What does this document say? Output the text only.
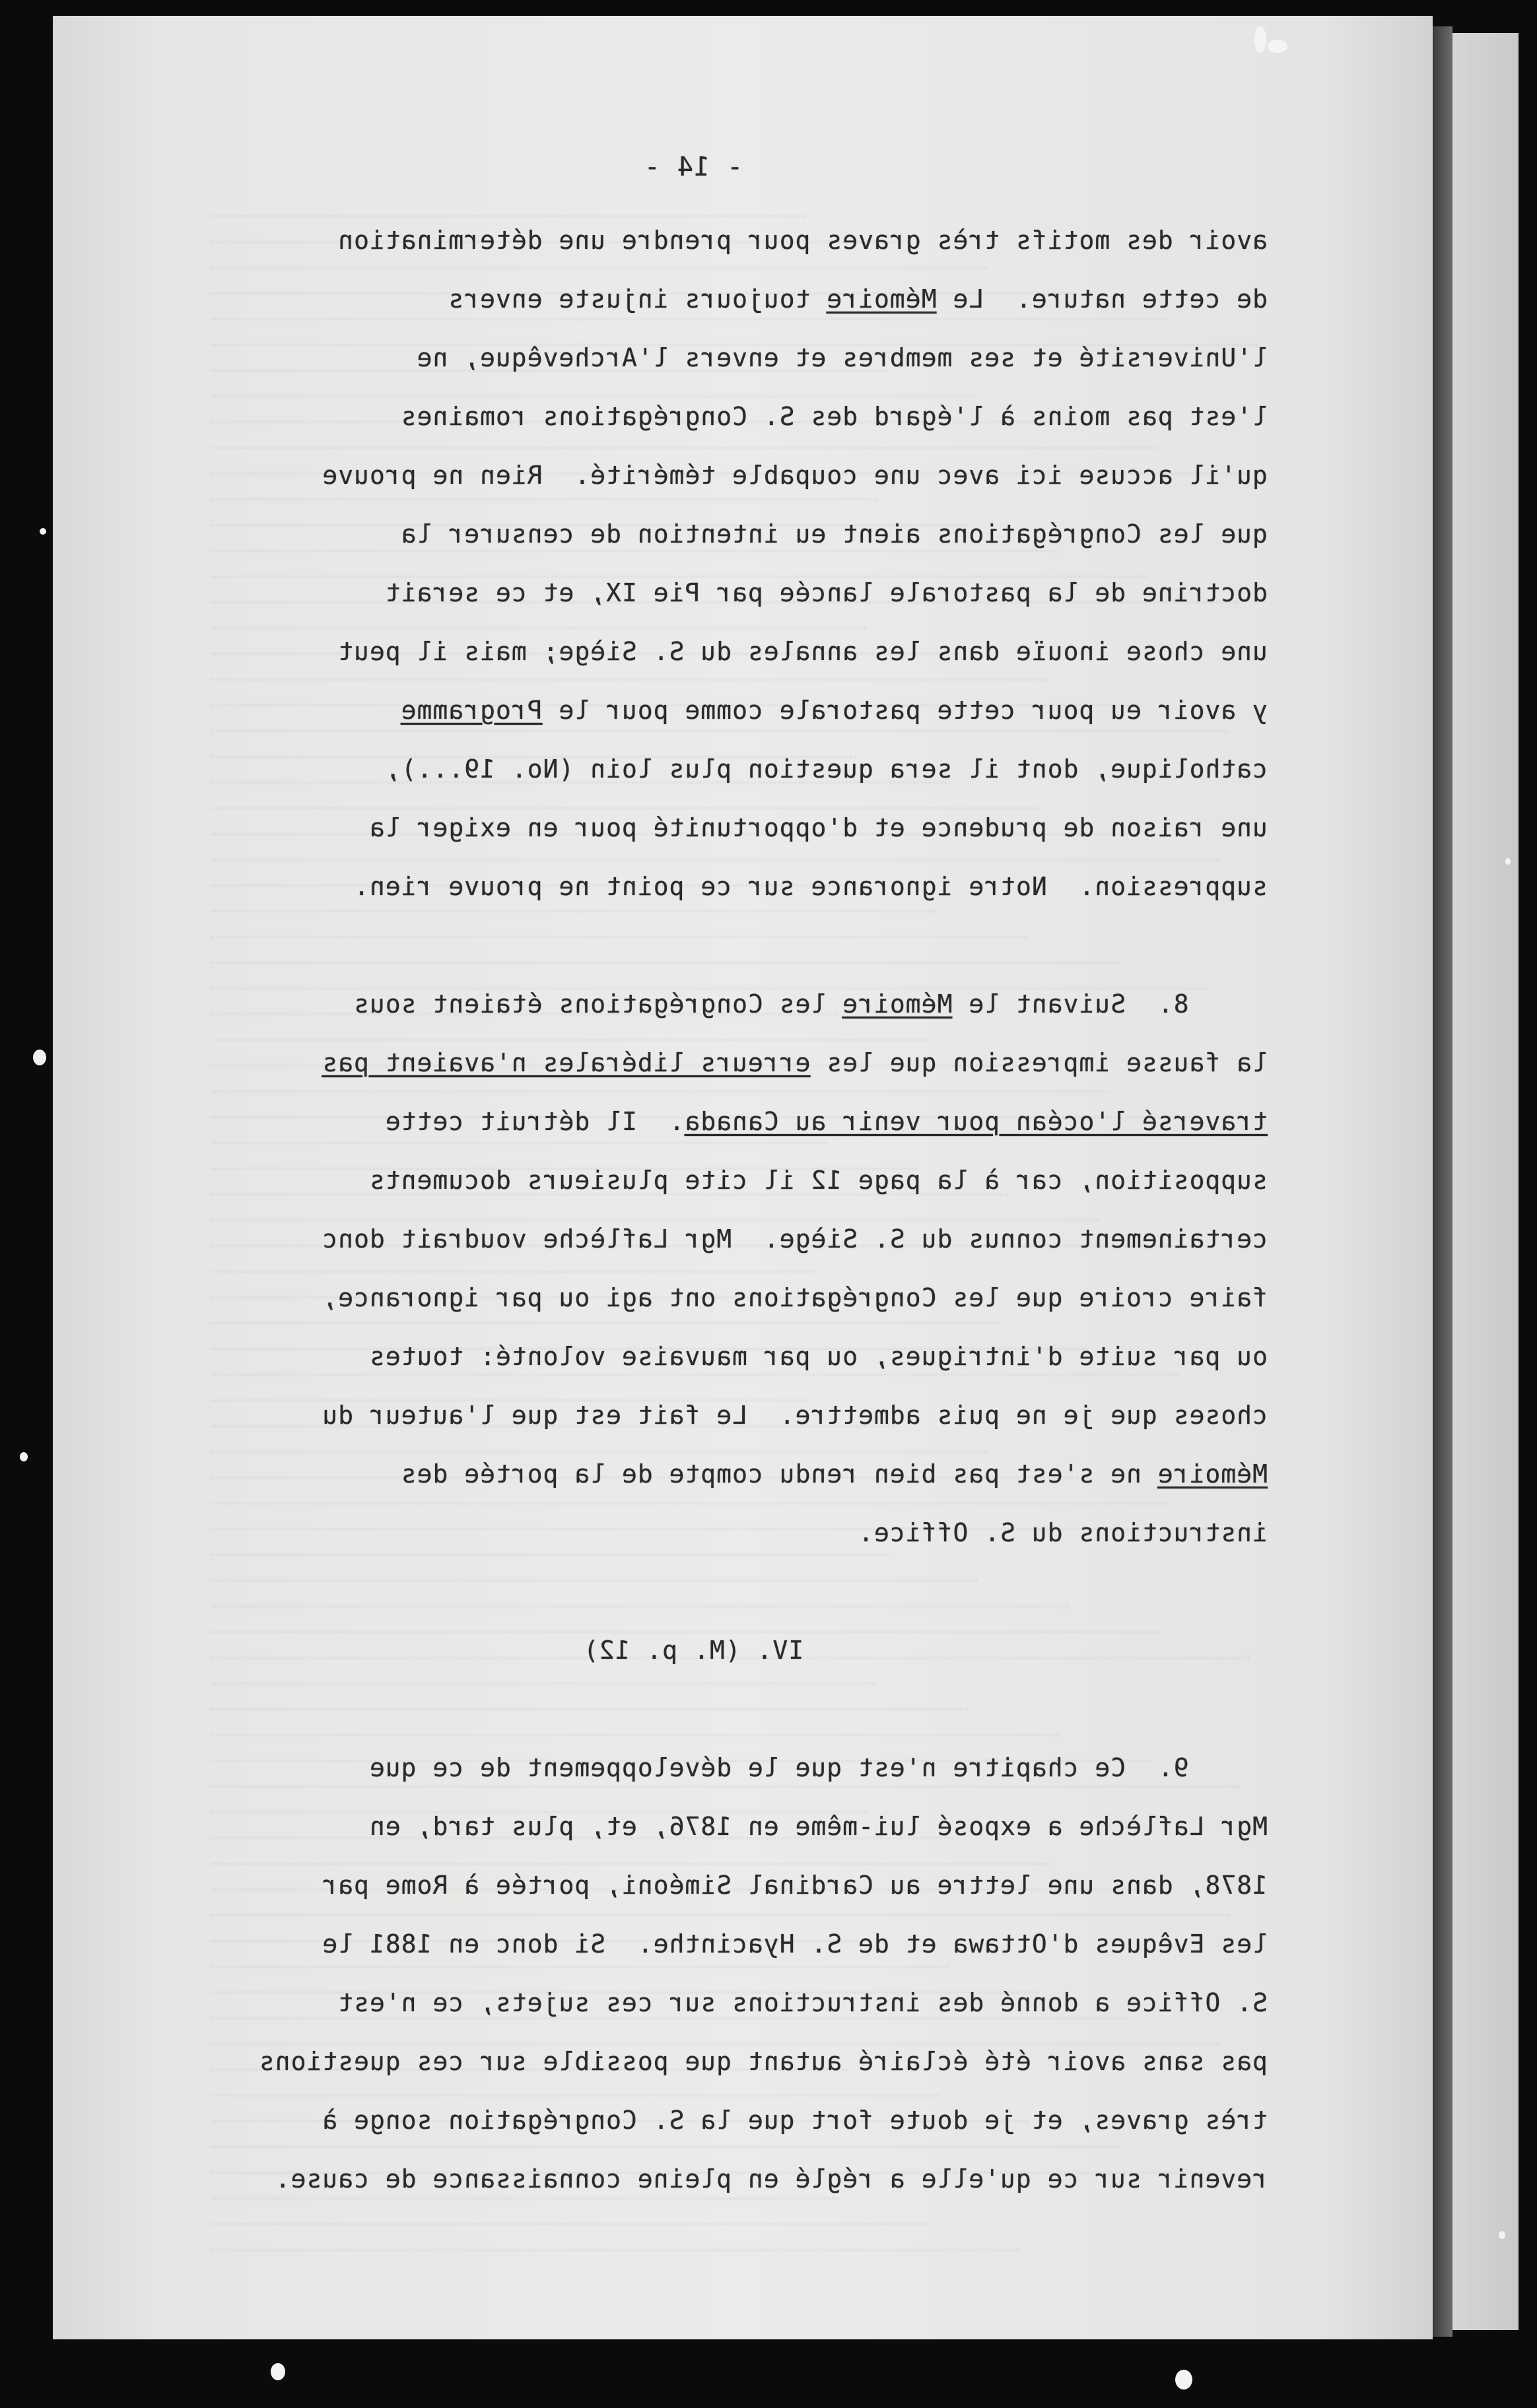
- 14 -
avoir des motifs très graves pour prendre une détermination
de cette nature.  Le Mémoire toujours injuste envers
l'Université et ses membres et envers l'Archevêque, ne
l'est pas moins à l'égard des S. Congrégations romaines
qu'il accuse ici avec une coupable témérité.  Rien ne prouve
que les Congrégations aient eu intention de censurer la
doctrine de la pastorale lancée par Pie IX, et ce serait
une chose inouïe dans les annales du S. Siège; mais il peut
y avoir eu pour cette pastorale comme pour le Programme
catholique, dont il sera question plus loin (No. 19...),
une raison de prudence et d'opportunité pour en exiger la
suppression.  Notre ignorance sur ce point ne prouve rien.
8.  Suivant le Mémoire les Congrégations étaient sous
la fausse impression que les erreurs libérales n'avaient pas
traversé l'océan pour venir au Canada.  Il détruit cette
supposition, car à la page 12 il cite plusieurs documents
certainement connus du S. Siège.  Mgr Laflèche voudrait donc
faire croire que les Congrégations ont agi ou par ignorance,
ou par suite d'intrigues, ou par mauvaise volonté: toutes
choses que je ne puis admettre.  Le fait est que l'auteur du
Mémoire ne s'est pas bien rendu compte de la portée des
instructions du S. Office.
IV. (M. p. 12)
9.  Ce chapitre n'est que le développement de ce que
Mgr Laflèche a exposé lui-même en 1876, et, plus tard, en
1878, dans une lettre au Cardinal Siméoni, portée à Rome par
les Evêques d'Ottawa et de S. Hyacinthe.  Si donc en 1881 le
S. Office a donné des instructions sur ces sujets, ce n'est
pas sans avoir été éclairé autant que possible sur ces questions
très graves, et je doute fort que la S. Congrégation songe à
revenir sur ce qu'elle a réglé en pleine connaissance de cause.
